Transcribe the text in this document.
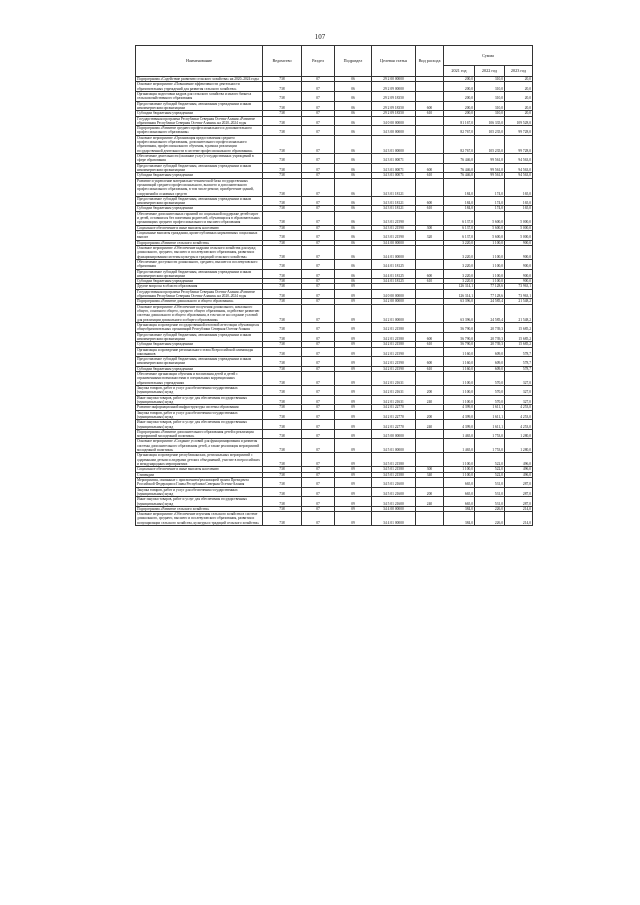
107
Наименование	Ведомство	Раздел	Подраздел	Целевая статья	Вид расхода	Сумма		
						2021 год	2022 год	2023 год
Подпрограмма «Содействие развитию сельского хозяйства» на 2020–2024 годы	738	07	06	29 2 00 00000		200,0	310,0	20,0
Основное мероприятие «Повышение эффективности деятельности образовательных учреждений для развития сельского хозяйства»	738	07	06	29 2 09 00000		200,0	310,0	20,0
Организация подготовки кадров для сельского хозяйства и малого бизнеса сельскохозяйственного образования	738	07	06	29 2 09 18350		200,0	310,0	20,0
Предоставление субсидий бюджетным, автономным учреждениям и иным некоммерческим организациям	738	07	06	29 2 09 18350	600	200,0	310,0	20,0
Субсидии бюджетным учреждениям	738	07	06	29 2 09 18350	610	200,0	310,0	20,0
Государственная программа Республики Северная Осетия-Алания «Развитие образования Республики Северная Осетия-Алания» на 2020–2024 годы	738	07	06	34 0 00 00000		81 167,0	106 335,0	109 528,0
Подпрограмма «Развитие среднего профессионального и дополнительного профессионального образования»	738	07	06	34 3 00 00000		82 767,0	105 235,0	99 728,0
Основное мероприятие «Организация предоставления среднего профессионального образования, дополнительного профессионального образования, профессионального обучения, в рамках реализации государственной деятельности в системе профессионального образования»	738	07	06	34 3 01 00000		82 767,0	105 235,0	99 728,0
Обеспечение деятельности (оказание услуг) государственных учреждений в сфере образования	738	07	06	34 3 01 00071		76 446,0	99 561,0	94 563,0
Предоставление субсидий бюджетным, автономным учреждениям и иным некоммерческим организациям	738	07	06	34 3 01 00071	600	76 446,0	99 561,0	94 563,0
Субсидии бюджетным учреждениям	738	07	06	34 3 01 00071	610	76 446,0	99 561,0	94 563,0
Развитие и укрепление материально-технической базы государственных организаций среднего профессионального, высшего и дополнительного профессионального образования, в том числе ремонт, приобретение зданий, сооружений и основных средств	738	07	06	34 3 01 18121		184,0	174,0	165,0
Предоставление субсидий бюджетным, автономным учреждениям и иным некоммерческим организациям	738	07	06	34 3 01 18121	600	184,0	174,0	165,0
Субсидии бюджетным учреждениям	738	07	06	34 3 01 18121	610	184,0	174,0	165,0
Обеспечение дополнительных гарантий по социальной поддержке детей-сирот и детей, оставшихся без попечения родителей, обучающихся в образовательных организациях среднего профессионального и высшего образования	738	07	06	34 3 01 21590		6 137,0	5 600,0	5 000,0
Социальное обеспечение и иные выплаты населению	738	07	06	34 3 01 21590	300	6 137,0	5 600,0	5 000,0
Социальные выплаты гражданам, кроме публичных нормативных социальных выплат	738	07	06	34 3 01 21590	320	6 137,0	5 600,0	5 000,0
Подпрограмма «Развитие сельского хозяйства»	738	07	06	34 4 00 00000		3 220,0	1 100,0	900,0
Основное мероприятие «Обеспечение кадрами сельского хозяйства для нужд дошкольного, среднего, высшего и послевузовского образования, развития и функционирования системы культуры и традиций сельского хозяйства»	738	07	06	34 4 01 00000		3 220,0	1 100,0	900,0
Обеспечение доступности дошкольного, среднего, высшего и послевузовского образования	738	07	06	34 4 01 18125		3 220,0	1 100,0	900,0
Предоставление субсидий бюджетным, автономным учреждениям и иным некоммерческим организациям	738	07	06	34 4 01 18125	600	3 220,0	1 100,0	900,0
Субсидии бюджетным учреждениям	738	07	06	34 4 01 18125	610	3 220,0	1 100,0	900,0
Другие вопросы в области образования	738	07	09			126 314,1	77 128,6	73 963,1
Государственная программа Республики Северная Осетия-Алания «Развитие образования Республики Северная Осетия-Алания» на 2020–2024 годы	738	07	09	34 0 00 00000		126 314,1	77 128,6	73 963,1
Подпрограмма «Развитие дошкольного и общего образования»	738	07	09	34 2 00 00000		63 396,0	24 585,4	21 548,2
Основное мероприятие «Обеспечение получения дошкольного, начального общего, основного общего, среднего общего образования, содействие развитию системы дошкольного и общего образования, в том числе на создание условий для реализации дошкольного и общего образования»	738	07	09	34 2 01 00000		63 396,0	24 585,4	21 548,2
Организация и проведение государственной итоговой аттестации обучающихся общеобразовательных организаций Республики Северная Осетия-Алания	738	07	09	34 2 01 21580		56 790,0	20 739,3	15 685,2
Предоставление субсидий бюджетным, автономным учреждениям и иным некоммерческим организациям	738	07	09	34 2 01 21580	600	56 790,0	20 739,3	15 685,2
Субсидии бюджетным учреждениям	738	07	09	34 2 01 21580	610	56 790,0	20 739,3	15 685,2
Организация и проведение регионального этапа Всероссийской олимпиады школьников	738	07	09	34 2 01 21590		1 160,0	609,0	578,7
Предоставление субсидий бюджетным, автономным учреждениям и иным некоммерческим организациям	738	07	09	34 2 01 21590	600	1 160,0	609,0	578,7
Субсидии бюджетным учреждениям	738	07	09	34 2 01 21590	610	1 160,0	609,0	578,7
Обеспечение организации обучения и воспитания детей и детей с ограниченными возможностями в специальных коррекционных образовательных учреждениях	738	07	09	34 2 01 21631		1 100,0	570,0	327,0
Закупка товаров, работ и услуг для обеспечения государственных (муниципальных) нужд	738	07	09	34 2 01 21631	200	1 100,0	570,0	327,0
Иные закупки товаров, работ и услуг для обеспечения государственных (муниципальных) нужд	738	07	09	34 2 01 21631	240	1 100,0	570,0	327,0
Развитие информационной инфраструктуры системы образования	738	07	09	34 2 01 22770		4 399,0	1 611,1	4 253,0
Закупка товаров, работ и услуг для обеспечения государственных (муниципальных) нужд	738	07	09	34 2 01 22770	200	4 399,0	1 611,1	4 253,0
Иные закупки товаров, работ и услуг для обеспечения государственных (муниципальных) нужд	738	07	09	34 2 01 22770	240	4 399,0	1 611,1	4 253,0
Подпрограмма «Развитие дополнительного образования детей и реализация мероприятий молодежной политики»	738	07	09	34 5 00 00000		1 465,0	1 753,0	1 280,0
Основное мероприятие «Создание условий для функционирования и развития системы дополнительного образования детей, а также реализация мероприятий молодежной политики»	738	07	09	34 5 01 00000		1 465,0	1 753,0	1 280,0
Организация и проведение республиканских, региональных мероприятий с одаренными детьми и лидерами детских объединений, участие в всероссийских и международных мероприятиях	738	07	09	34 5 01 21580		1 100,0	522,0	496,0
Социальное обеспечение и иные выплаты населению	738	07	09	34 5 01 21580	300	1 100,0	522,0	496,0
Стипендии	738	07	09	34 5 01 21580	340	1 100,0	522,0	496,0
Мероприятия, связанные с присвоением/реализацией гранта Президента Российской Федерации и Главы Республики Северная Осетия-Алания	738	07	09	34 5 01 21600		665,0	531,0	287,0
Закупка товаров, работ и услуг для обеспечения государственных (муниципальных) нужд	738	07	09	34 5 01 21600	200	665,0	531,0	287,0
Иные закупки товаров, работ и услуг для обеспечения государственных (муниципальных) нужд	738	07	09	34 5 01 21600	240	665,0	531,0	287,0
Подпрограмма «Развитие сельского хозяйства»	738	07	09	34 4 00 00000		384,0	226,0	214,0
Основное мероприятие «Обеспечение изучения сельского хозяйства в системе дошкольного, среднего, высшего и послевузовского образования, развития и популяризации сельского хозяйства, культуры и традиций сельского хозяйства»	738	07	09	34 4 01 00000		384,0	226,0	214,0
